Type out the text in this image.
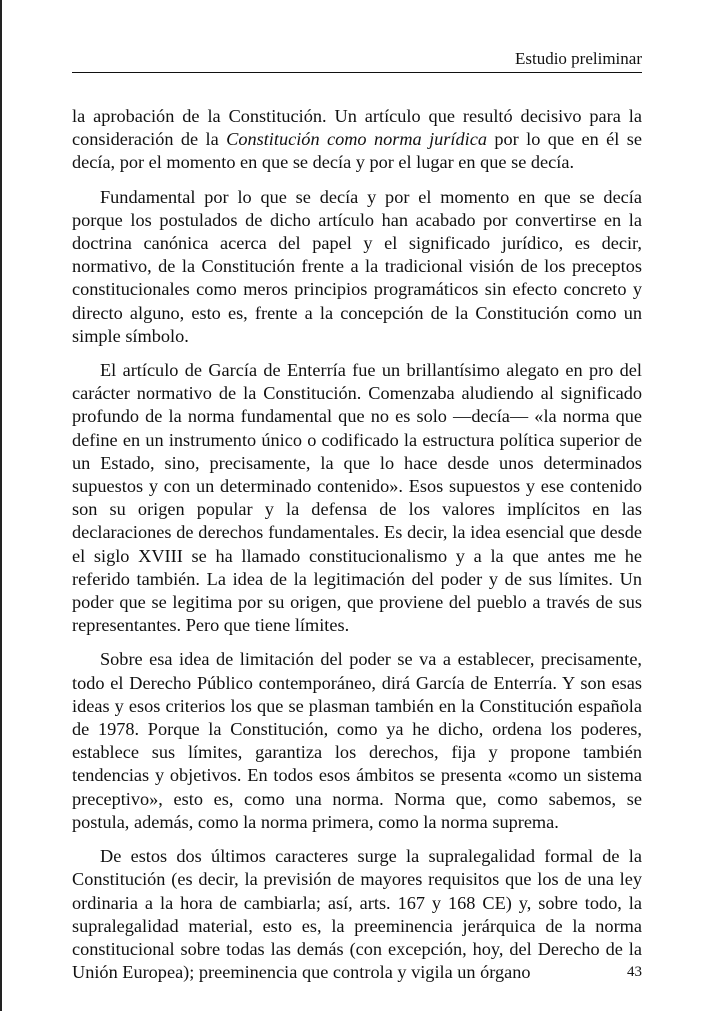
Estudio preliminar

la aprobación de la Constitución. Un artículo que resultó decisivo para la consideración de la Constitución como norma jurídica por lo que en él se decía, por el momento en que se decía y por el lugar en que se decía.

Fundamental por lo que se decía y por el momento en que se decía porque los postulados de dicho artículo han acabado por convertirse en la doctrina canónica acerca del papel y el significado jurídico, es decir, normativo, de la Constitución frente a la tradicional visión de los preceptos constitucionales como meros principios programáticos sin efecto concreto y directo alguno, esto es, frente a la concepción de la Constitución como un simple símbolo.

El artículo de García de Enterría fue un brillantísimo alegato en pro del carácter normativo de la Constitución. Comenzaba aludiendo al significado profundo de la norma fundamental que no es solo —decía— «la norma que define en un instrumento único o codificado la estructura política superior de un Estado, sino, precisamente, la que lo hace desde unos determinados supuestos y con un determinado contenido». Esos supuestos y ese contenido son su origen popular y la defensa de los valores implícitos en las declaraciones de derechos fundamentales. Es decir, la idea esencial que desde el siglo XVIII se ha llamado constitucionalismo y a la que antes me he referido también. La idea de la legitimación del poder y de sus límites. Un poder que se legitima por su origen, que proviene del pueblo a través de sus representantes. Pero que tiene límites.

Sobre esa idea de limitación del poder se va a establecer, precisamente, todo el Derecho Público contemporáneo, dirá García de Enterría. Y son esas ideas y esos criterios los que se plasman también en la Constitución española de 1978. Porque la Constitución, como ya he dicho, ordena los poderes, establece sus límites, garantiza los derechos, fija y propone también tendencias y objetivos. En todos esos ámbitos se presenta «como un sistema preceptivo», esto es, como una norma. Norma que, como sabemos, se postula, además, como la norma primera, como la norma suprema.

De estos dos últimos caracteres surge la supralegalidad formal de la Constitución (es decir, la previsión de mayores requisitos que los de una ley ordinaria a la hora de cambiarla; así, arts. 167 y 168 CE) y, sobre todo, la supralegalidad material, esto es, la preeminencia jerárquica de la norma constitucional sobre todas las demás (con excepción, hoy, del Derecho de la Unión Europea); preeminencia que controla y vigila un órgano	43
